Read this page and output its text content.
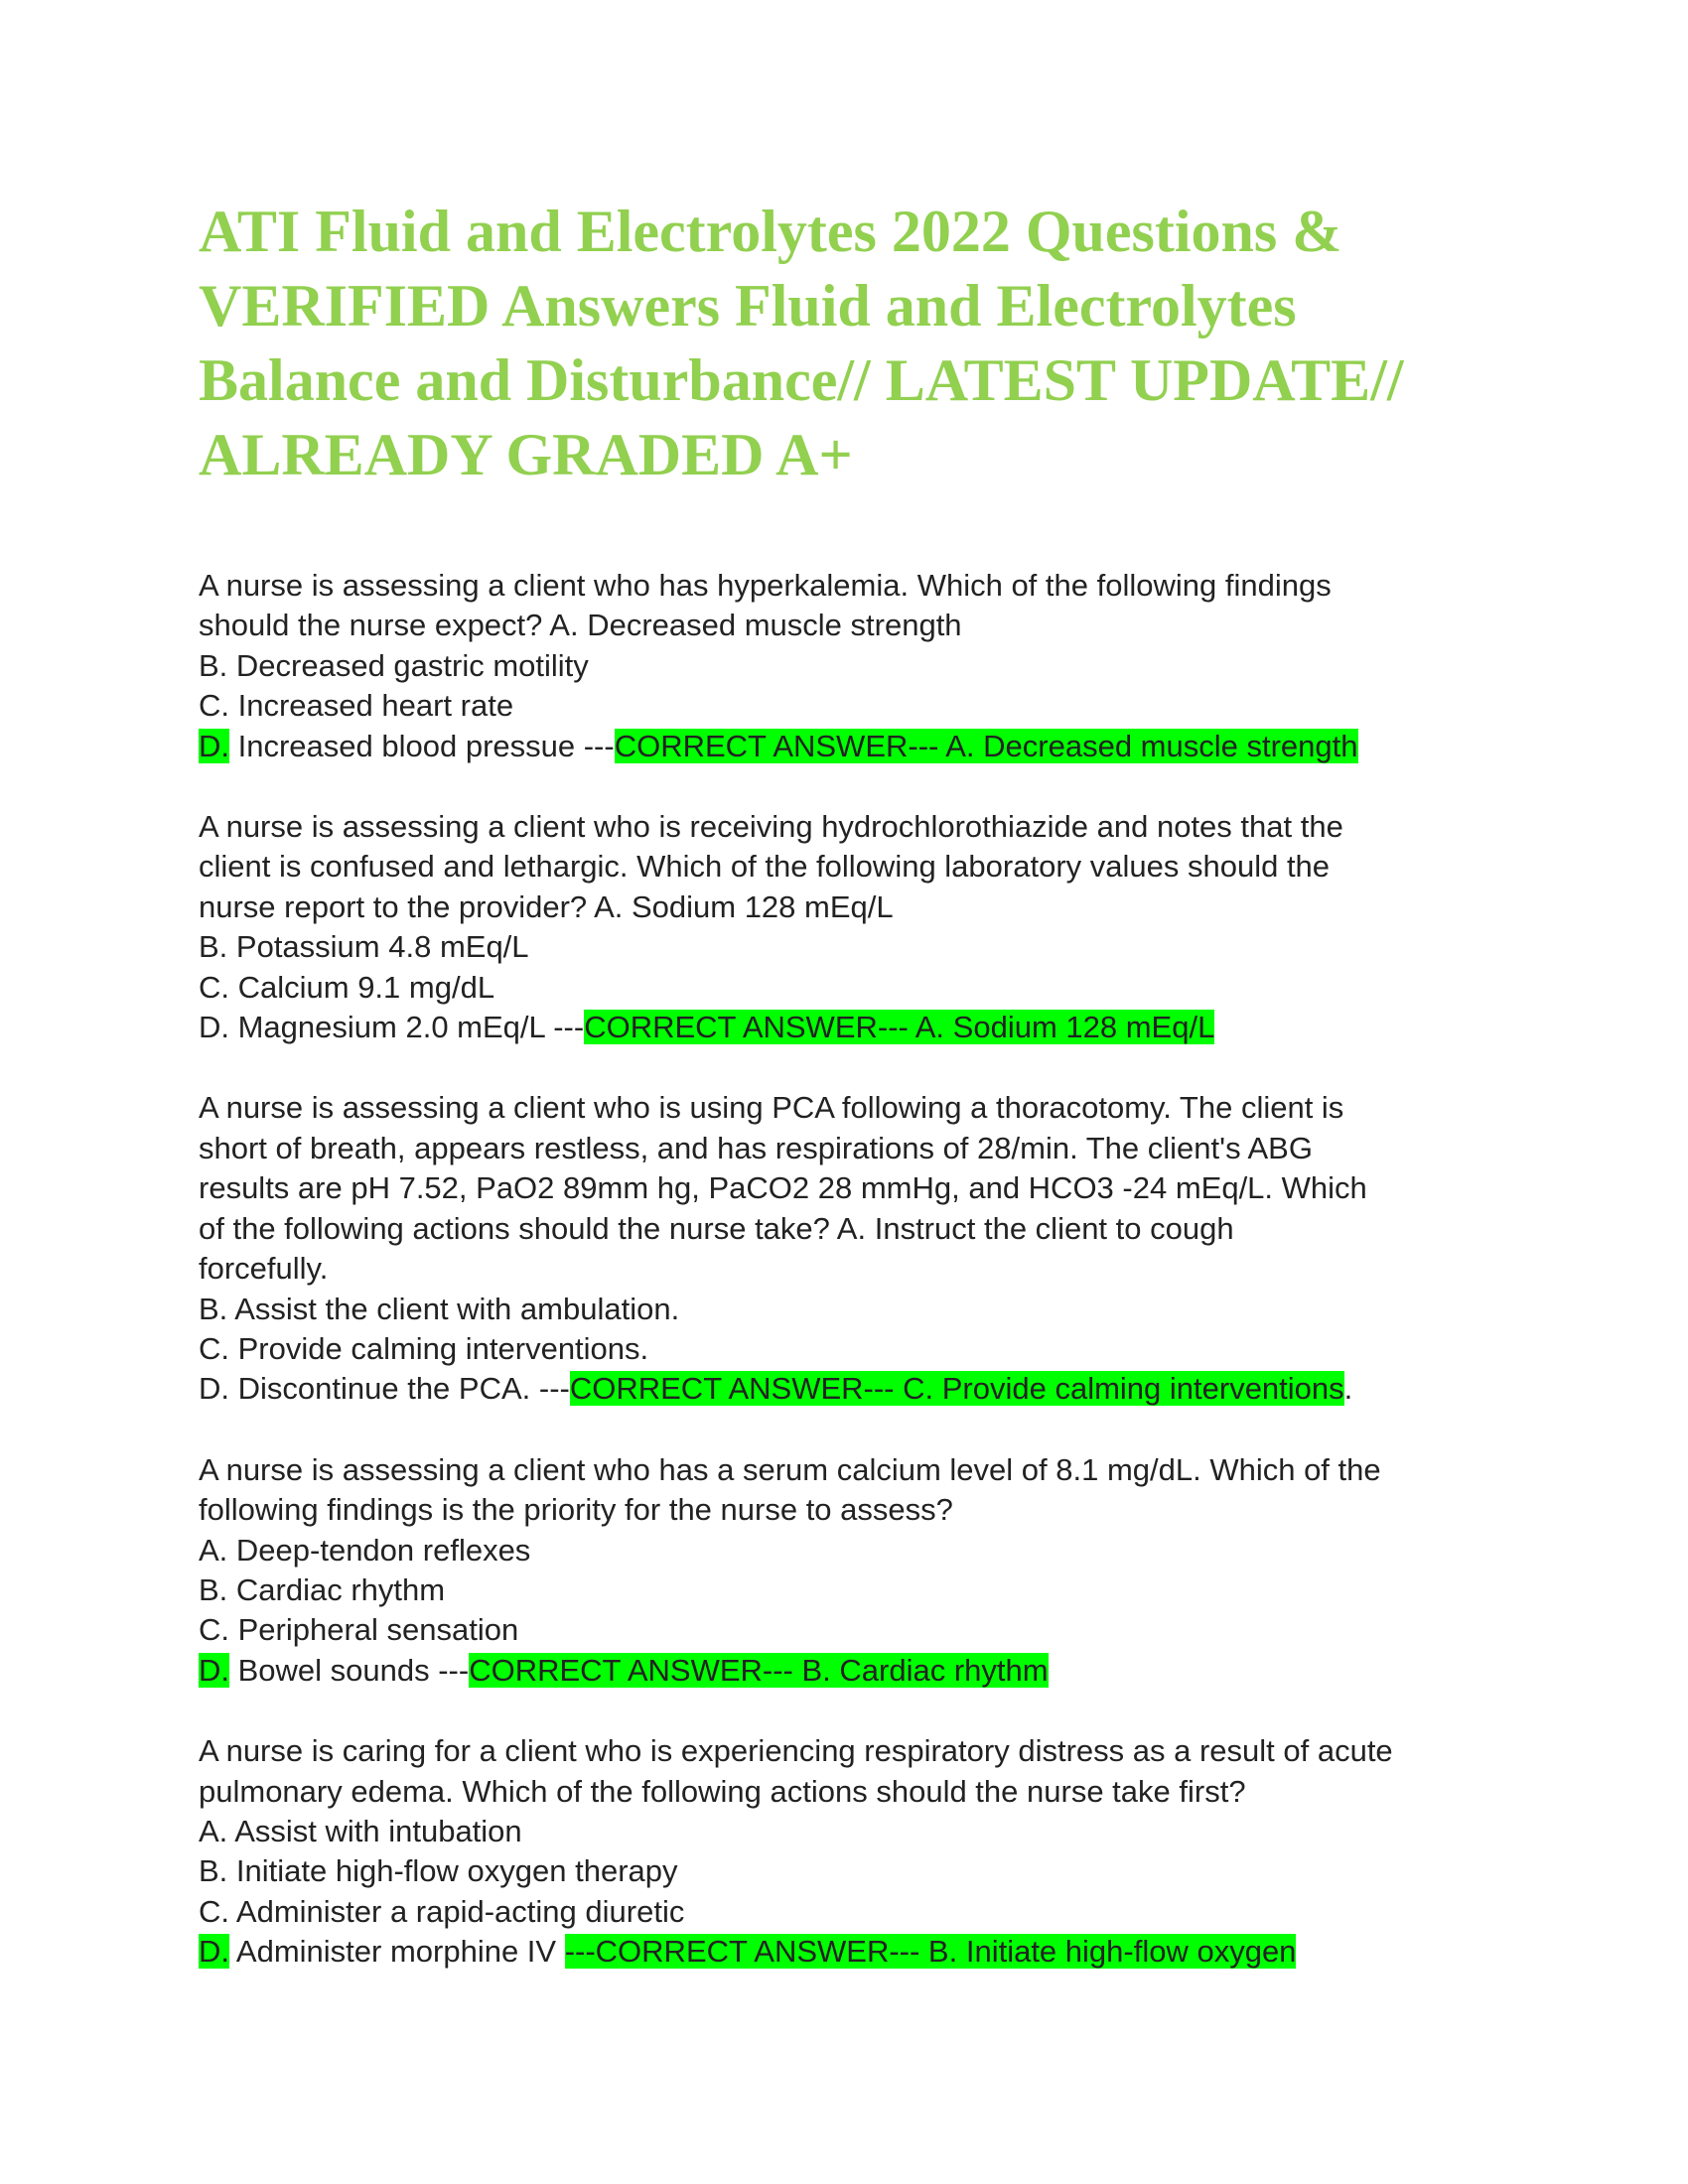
ATI Fluid and Electrolytes 2022 Questions &
VERIFIED Answers Fluid and Electrolytes
Balance and Disturbance// LATEST UPDATE//
ALREADY GRADED A+
A nurse is assessing a client who has hyperkalemia. Which of the following findings
should the nurse expect? A. Decreased muscle strength
B. Decreased gastric motility
C. Increased heart rate
D. Increased blood pressue ---CORRECT ANSWER--- A. Decreased muscle strength
A nurse is assessing a client who is receiving hydrochlorothiazide and notes that the
client is confused and lethargic. Which of the following laboratory values should the
nurse report to the provider? A. Sodium 128 mEq/L
B. Potassium 4.8 mEq/L
C. Calcium 9.1 mg/dL
D. Magnesium 2.0 mEq/L ---CORRECT ANSWER--- A. Sodium 128 mEq/L
A nurse is assessing a client who is using PCA following a thoracotomy. The client is
short of breath, appears restless, and has respirations of 28/min. The client's ABG
results are pH 7.52, PaO2 89mm hg, PaCO2 28 mmHg, and HCO3 -24 mEq/L. Which
of the following actions should the nurse take? A. Instruct the client to cough
forcefully.
B. Assist the client with ambulation.
C. Provide calming interventions.
D. Discontinue the PCA. ---CORRECT ANSWER--- C. Provide calming interventions.
A nurse is assessing a client who has a serum calcium level of 8.1 mg/dL. Which of the
following findings is the priority for the nurse to assess?
A. Deep-tendon reflexes
B. Cardiac rhythm
C. Peripheral sensation
D. Bowel sounds ---CORRECT ANSWER--- B. Cardiac rhythm
A nurse is caring for a client who is experiencing respiratory distress as a result of acute
pulmonary edema. Which of the following actions should the nurse take first?
A. Assist with intubation
B. Initiate high-flow oxygen therapy
C. Administer a rapid-acting diuretic
D. Administer morphine IV ---CORRECT ANSWER--- B. Initiate high-flow oxygen
